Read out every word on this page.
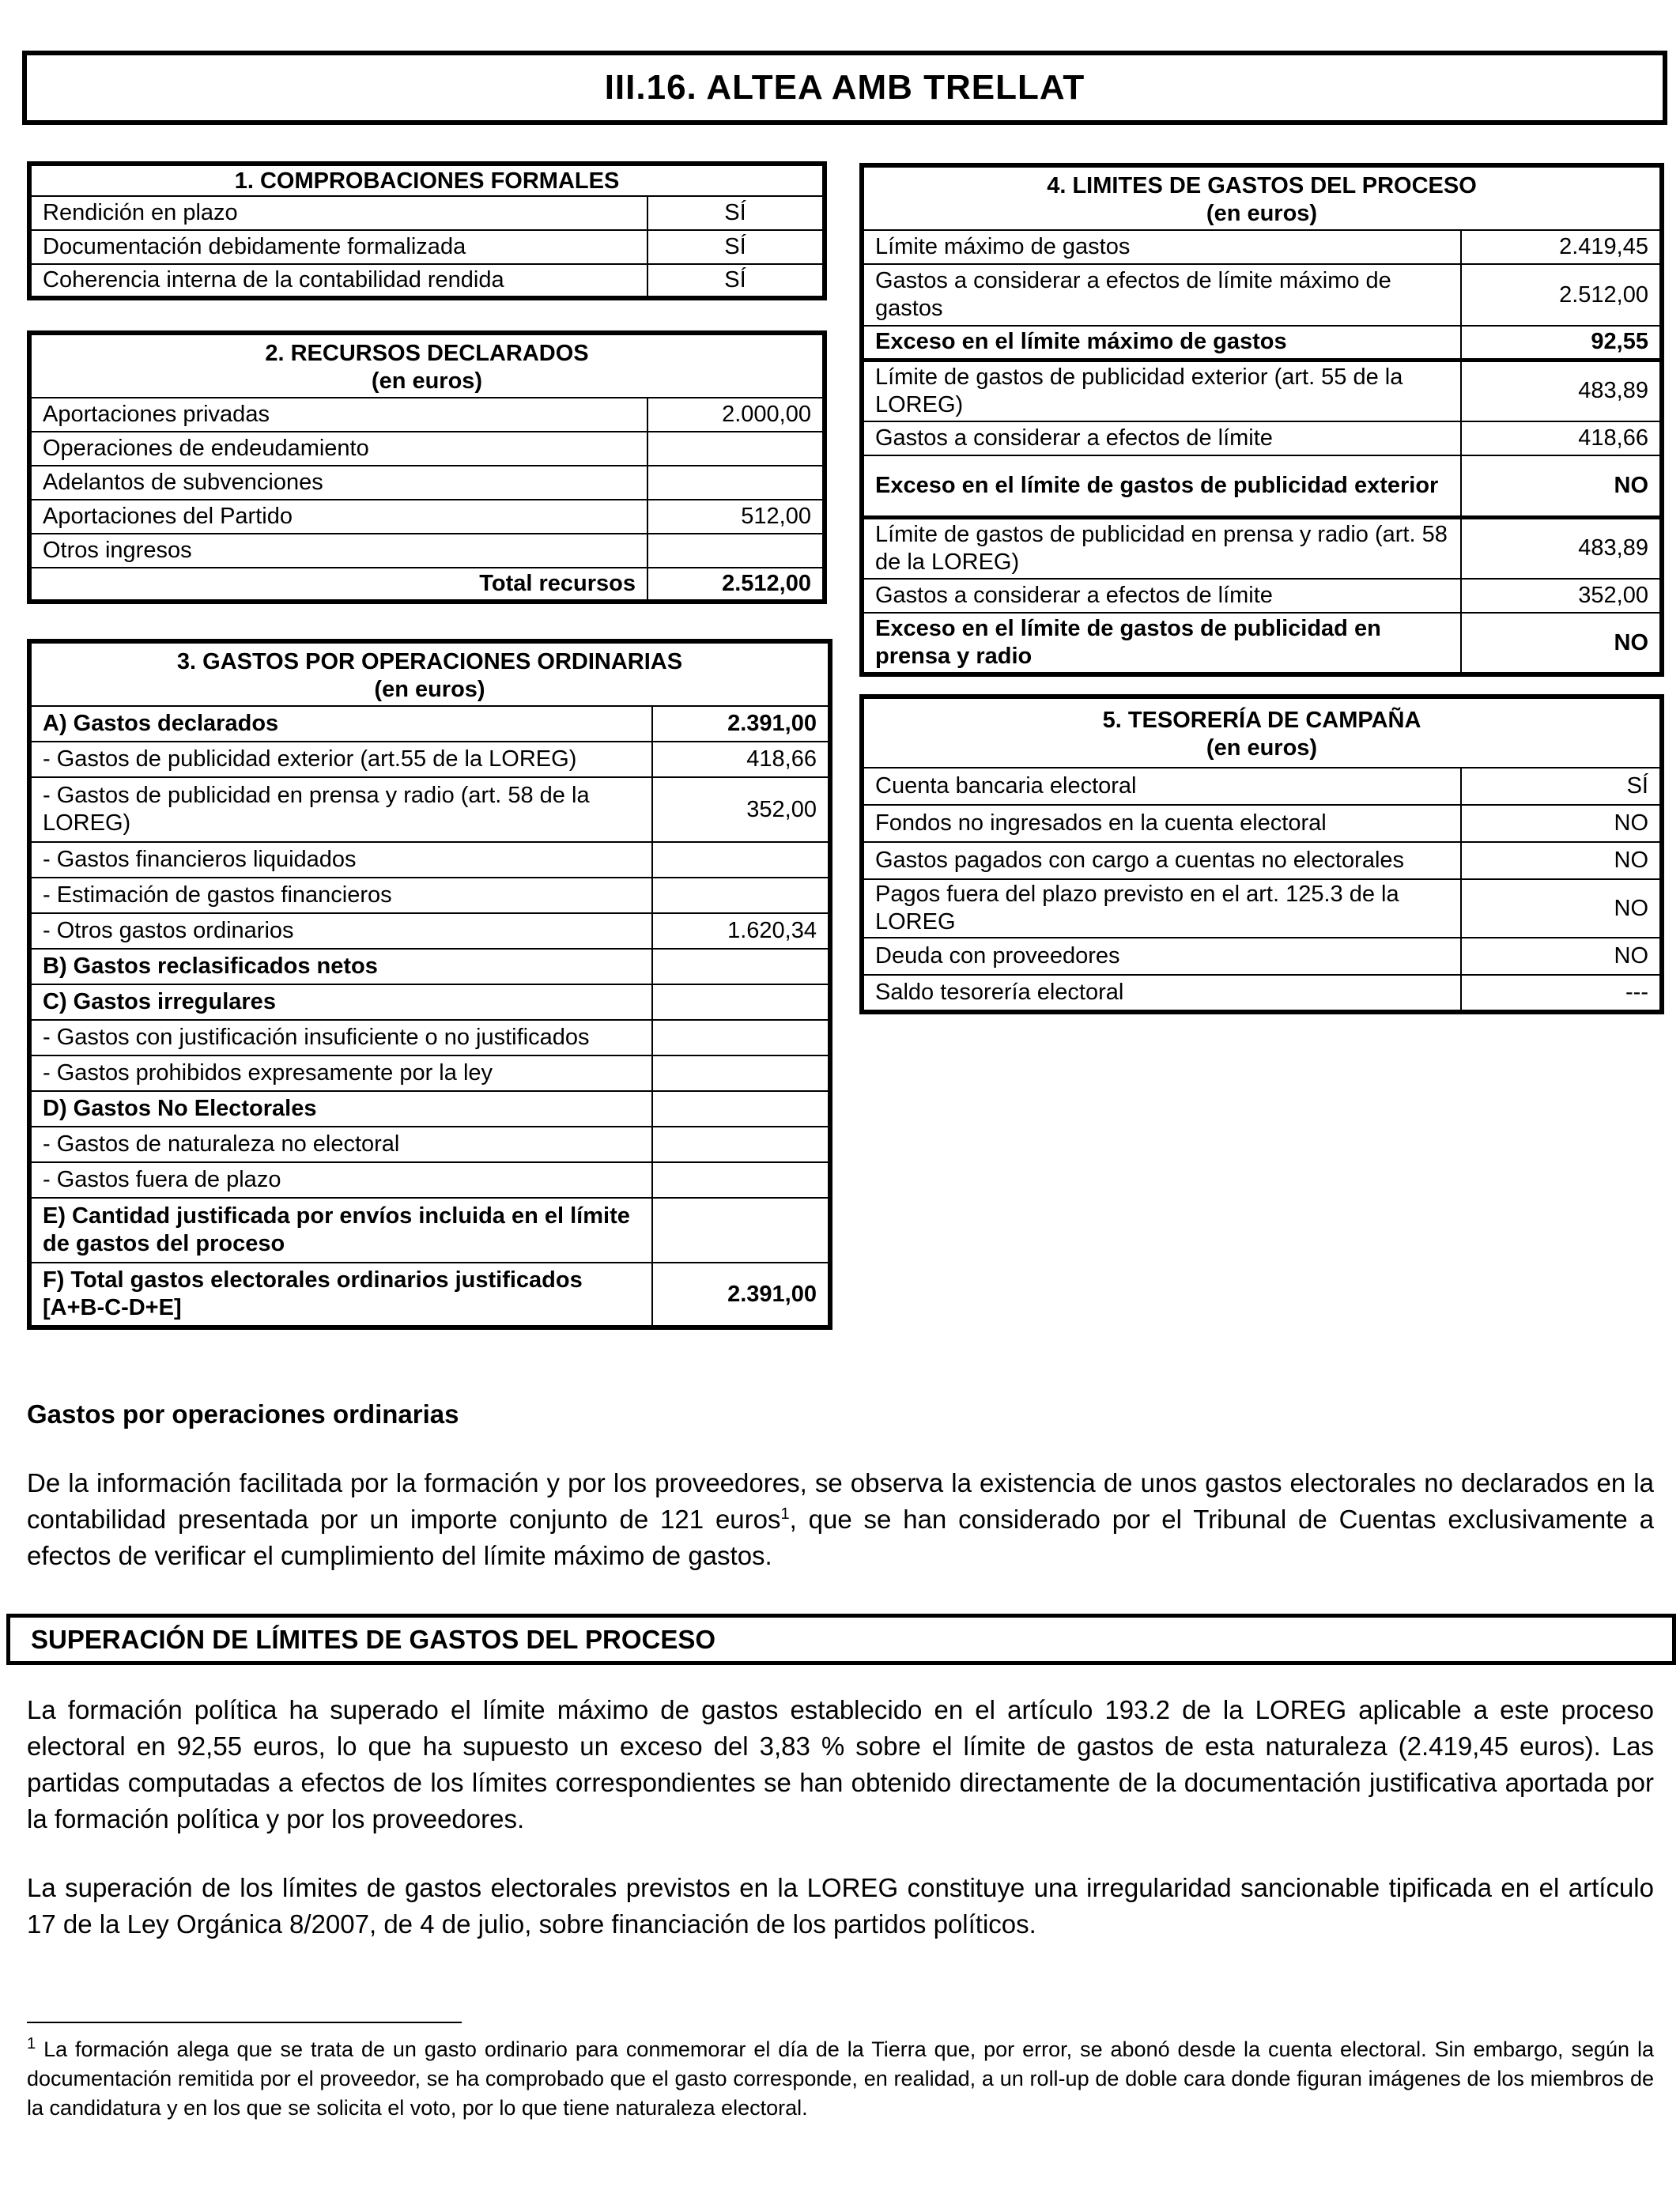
III.16. ALTEA AMB TRELLAT
1. COMPROBACIONES FORMALES	
Rendición en plazo	SÍ
Documentación debidamente formalizada	SÍ
Coherencia interna de la contabilidad rendida	SÍ
2. RECURSOS DECLARADOS
(en euros)	

Aportaciones privadas	2.000,00
Operaciones de endeudamiento	
Adelantos de subvenciones	
Aportaciones del Partido	512,00
Otros ingresos	
Total recursos	2.512,00
3. GASTOS POR OPERACIONES ORDINARIAS
(en euros)	

A) Gastos declarados	2.391,00
- Gastos de publicidad exterior (art.55 de la LOREG)	418,66
- Gastos de publicidad en prensa y radio (art. 58 de la LOREG)	352,00
- Gastos financieros liquidados	
- Estimación de gastos financieros	
- Otros gastos ordinarios	1.620,34
B) Gastos reclasificados netos	
C) Gastos irregulares	
- Gastos con justificación insuficiente o no justificados	
- Gastos prohibidos expresamente por la ley	
D) Gastos No Electorales	
- Gastos de naturaleza no electoral	
- Gastos fuera de plazo	
E) Cantidad justificada por envíos incluida en el límite de gastos del proceso	
F) Total gastos electorales ordinarios justificados [A+B-C-D+E]	2.391,00
4. LIMITES DE GASTOS DEL PROCESO
(en euros)	

Límite máximo de gastos	2.419,45
Gastos a considerar a efectos de límite máximo de gastos	2.512,00
Exceso en el límite máximo de gastos	92,55
Límite de gastos de publicidad exterior (art. 55 de la LOREG)	483,89
Gastos a considerar a efectos de límite	418,66
Exceso en el límite de gastos de publicidad exterior	NO
Límite de gastos de publicidad en prensa y radio (art. 58 de la LOREG)	483,89
Gastos a considerar a efectos de límite	352,00
Exceso en el límite de gastos de publicidad en prensa y radio	NO
5. TESORERÍA DE CAMPAÑA
(en euros)	

Cuenta bancaria electoral	SÍ
Fondos no ingresados en la cuenta electoral	NO
Gastos pagados con cargo a cuentas no electorales	NO
Pagos fuera del plazo previsto en el art. 125.3 de la LOREG	NO
Deuda con proveedores	NO
Saldo tesorería electoral	---
Gastos por operaciones ordinarias
De la información facilitada por la formación y por los proveedores, se observa la existencia de unos gastos electorales no declarados en la contabilidad presentada por un importe conjunto de 121 euros$^1$, que se han considerado por el Tribunal de Cuentas exclusivamente a efectos de verificar el cumplimiento del límite máximo de gastos.
SUPERACIÓN DE LÍMITES DE GASTOS DEL PROCESO
La formación política ha superado el límite máximo de gastos establecido en el artículo 193.2 de la LOREG aplicable a este proceso electoral en 92,55 euros, lo que ha supuesto un exceso del 3,83 % sobre el límite de gastos de esta naturaleza (2.419,45 euros). Las partidas computadas a efectos de los límites correspondientes se han obtenido directamente de la documentación justificativa aportada por la formación política y por los proveedores.
La superación de los límites de gastos electorales previstos en la LOREG constituye una irregularidad sancionable tipificada en el artículo 17 de la Ley Orgánica 8/2007, de 4 de julio, sobre financiación de los partidos políticos.
$^1$ La formación alega que se trata de un gasto ordinario para conmemorar el día de la Tierra que, por error, se abonó desde la cuenta electoral. Sin embargo, según la documentación remitida por el proveedor, se ha comprobado que el gasto corresponde, en realidad, a un roll-up de doble cara donde figuran imágenes de los miembros de la candidatura y en los que se solicita el voto, por lo que tiene naturaleza electoral.
